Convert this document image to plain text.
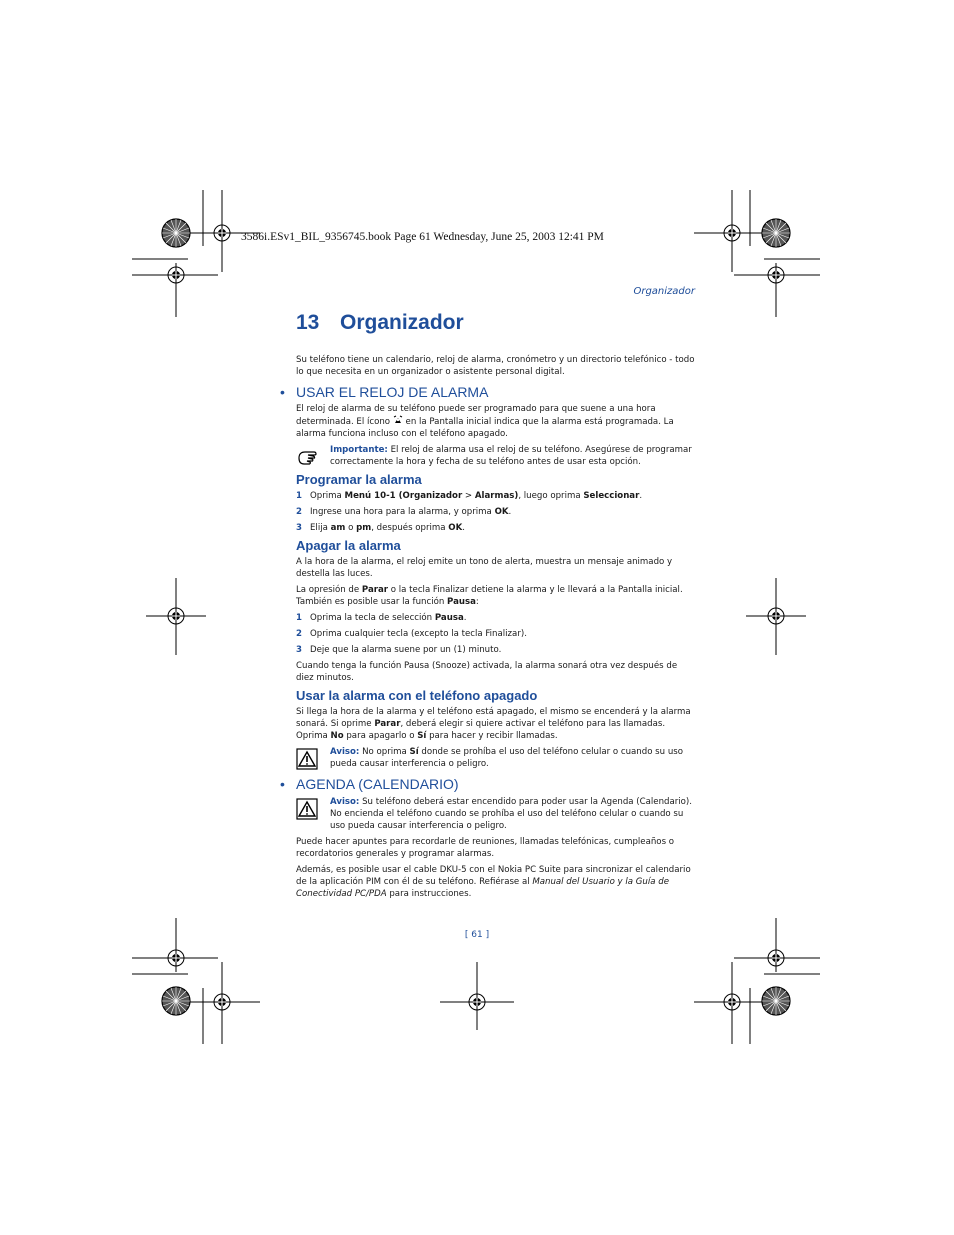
3586i.ESv1_BIL_9356745.book Page 61 Wednesday, June 25, 2003 12:41 PM
Organizador
13 Organizador

Su teléfono tiene un calendario, reloj de alarma, cronómetro y un directorio telefónico - todo lo que necesita en un organizador o asistente personal digital.

• USAR EL RELOJ DE ALARMA

El reloj de alarma de su teléfono puede ser programado para que suene a una hora determinada. El ícono en la Pantalla inicial indica que la alarma está programada. La alarma funciona incluso con el teléfono apagado.

Importante: El reloj de alarma usa el reloj de su teléfono. Asegúrese de programar correctamente la hora y fecha de su teléfono antes de usar esta opción.
Programar la alarma
1 Oprima Menú 10-1 (Organizador > Alarmas), luego oprima Seleccionar.
2 Ingrese una hora para la alarma, y oprima OK.
3 Elija am o pm, después oprima OK.
Apagar la alarma

A la hora de la alarma, el reloj emite un tono de alerta, muestra un mensaje animado y destella las luces.

La opresión de Parar o la tecla Finalizar detiene la alarma y le llevará a la Pantalla inicial. También es posible usar la función Pausa:

1 Oprima la tecla de selección Pausa.
2 Oprima cualquier tecla (excepto la tecla Finalizar).
3 Deje que la alarma suene por un (1) minuto.

Cuando tenga la función Pausa (Snooze) activada, la alarma sonará otra vez después de diez minutos.

Usar la alarma con el teléfono apagado

Si llega la hora de la alarma y el teléfono está apagado, el mismo se encenderá y la alarma sonará. Si oprime Parar, deberá elegir si quiere activar el teléfono para las llamadas. Oprima No para apagarlo o Sí para hacer y recibir llamadas.

Aviso: No oprima Sí donde se prohíba el uso del teléfono celular o cuando su uso pueda causar interferencia o peligro.
• AGENDA (CALENDARIO)
Aviso: Su teléfono deberá estar encendido para poder usar la Agenda (Calendario). No encienda el teléfono cuando se prohíba el uso del teléfono celular o cuando su uso pueda causar interferencia o peligro.

Puede hacer apuntes para recordarle de reuniones, llamadas telefónicas, cumpleaños o recordatorios generales y programar alarmas.

Además, es posible usar el cable DKU-5 con el Nokia PC Suite para sincronizar el calendario de la aplicación PIM con él de su teléfono. Refiérase al Manual del Usuario y la Guía de Conectividad PC/PDA para instrucciones.

[ 61 ]
